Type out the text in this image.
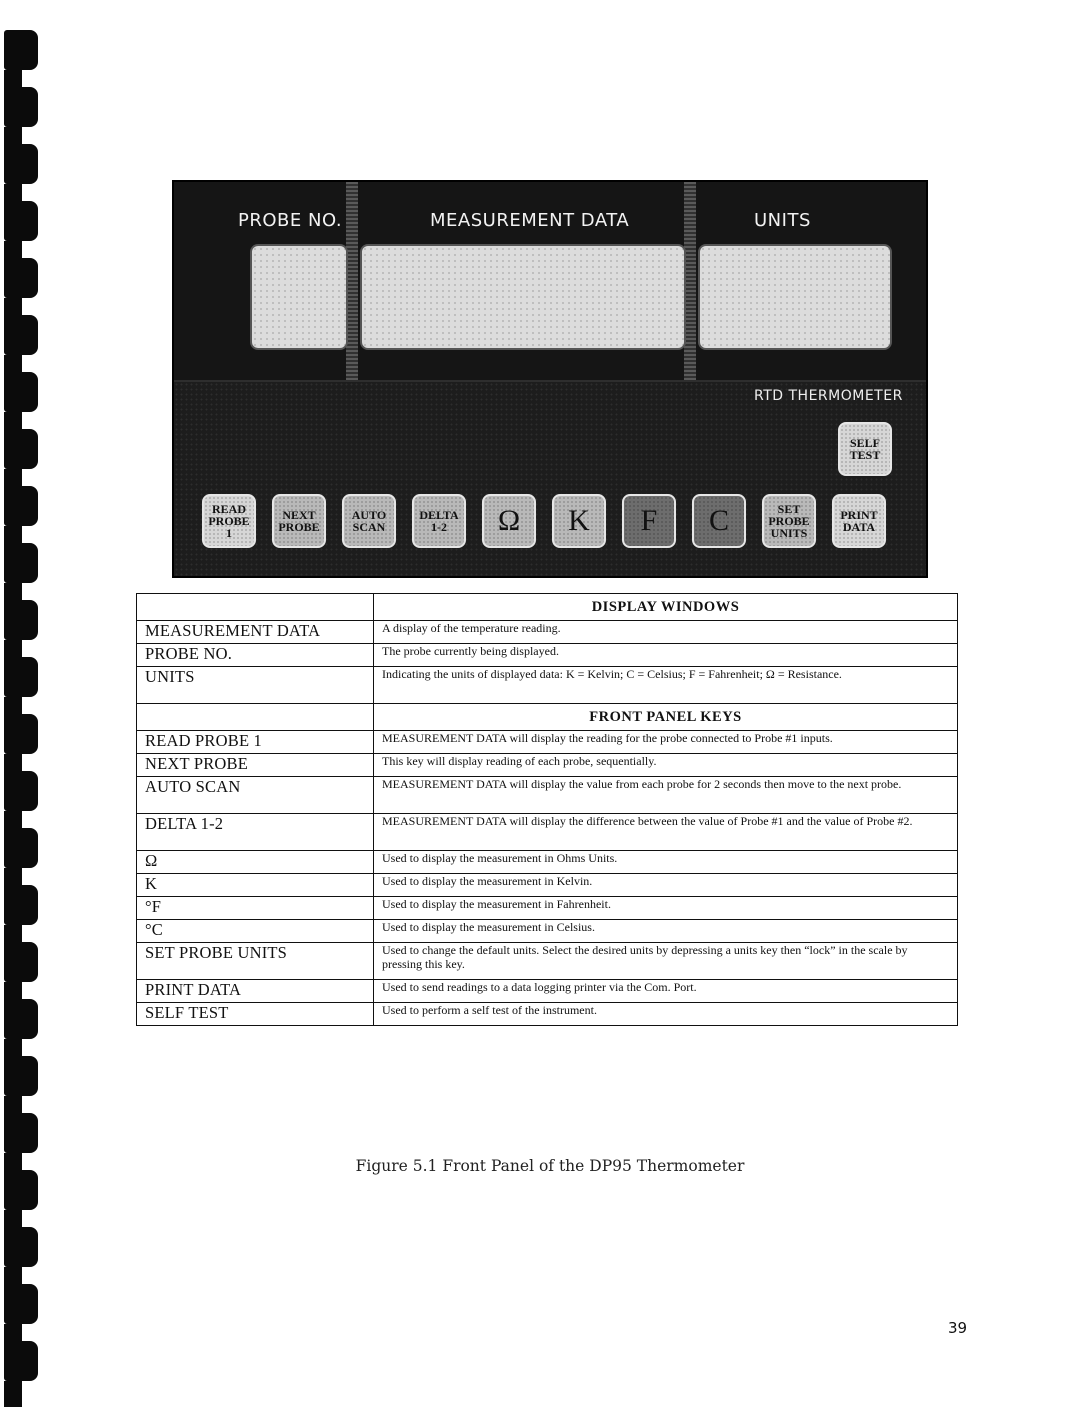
PROBE NO.	MEASUREMENT DATA	UNITS
RTD THERMOMETER
SELF
TEST
READ
PROBE
1
NEXT
PROBE
AUTO
SCAN
DELTA
1-2	Ω K F C	SET
PROBE
UNITS
PRINT
DATA
	DISPLAY WINDOWS
MEASUREMENT DATA	A display of the temperature reading.
PROBE NO.	The probe currently being displayed.
UNITS	Indicating the units of displayed data: K = Kelvin; C = Celsius; F = Fahrenheit; Ω = Resistance.
	FRONT PANEL KEYS
READ PROBE 1	MEASUREMENT DATA will display the reading for the probe connected to Probe #1 inputs.
NEXT PROBE	This key will display reading of each probe, sequentially.
AUTO SCAN	MEASUREMENT DATA will display the value from each probe for 2 seconds then move to the next probe.
DELTA 1-2	MEASUREMENT DATA will display the difference between the value of Probe #1 and the value of Probe #2.
Ω	Used to display the measurement in Ohms Units.
K	Used to display the measurement in Kelvin.
°F	Used to display the measurement in Fahrenheit.
°C	Used to display the measurement in Celsius.
SET PROBE UNITS	Used to change the default units. Select the desired units by depressing a units key then “lock” in the scale by pressing this key.
PRINT DATA	Used to send readings to a data logging printer via the Com. Port.
SELF TEST	Used to perform a self test of the instrument.
Figure 5.1 Front Panel of the DP95 Thermometer
39
